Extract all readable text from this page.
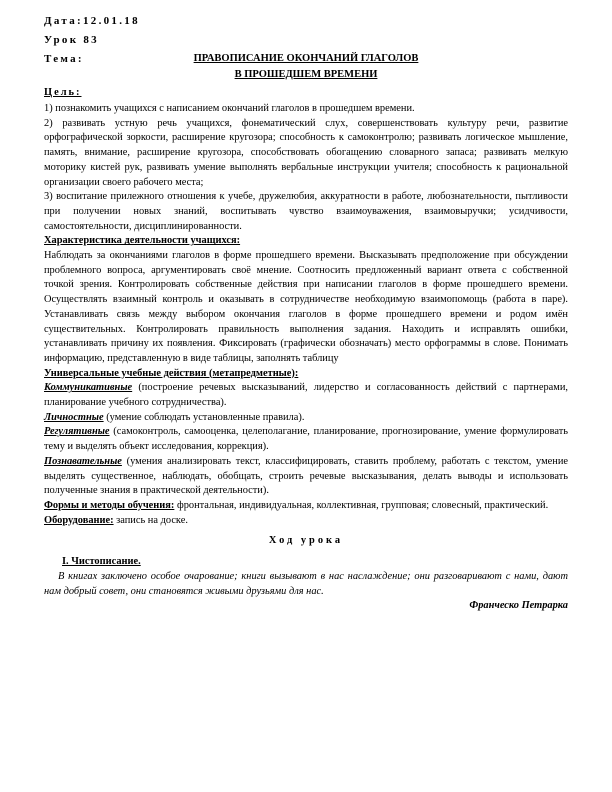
Дата:12.01.18
Урок 83
Тема:	ПРАВОПИСАНИЕ ОКОНЧАНИЙ ГЛАГОЛОВ
В ПРОШЕДШЕМ ВРЕМЕНИ

Цель:

1) познакомить учащихся с написанием окончаний глаголов в прошедшем времени.

2) развивать устную речь учащихся, фонематический слух, совершенствовать культуру речи, развитие орфографической зоркости, расширение кругозора; способность к самоконтролю; развивать логическое мышление, память, внимание, расширение кругозора, способствовать обогащению словарного запаса; развивать мелкую моторику кистей рук, развивать умение выполнять вербальные инструкции учителя; способность к рациональной организации своего рабочего места;

3) воспитание прилежного отношения к учебе, дружелюбия, аккуратности в работе, любознательности, пытливости при получении новых знаний, воспитывать чувство взаимоуважения, взаимовыручки; усидчивости, самостоятельности, дисциплинированности.

Характеристика деятельности учащихся:

Наблюдать за окончаниями глаголов в форме прошедшего времени. Высказывать предположение при обсуждении проблемного вопроса, аргументировать своё мнение. Соотносить предложенный вариант ответа с собственной точкой зрения. Контролировать собственные действия при написании глаголов в форме прошедшего времени. Осуществлять взаимный контроль и оказывать в сотрудничестве необходимую взаимопомощь (работа в паре). Устанавливать связь между выбором окончания глаголов в форме прошедшего времени и родом имён существительных. Контролировать правильность выполнения задания. Находить и исправлять ошибки, устанавливать причину их появления. Фиксировать (графически обозначать) место орфограммы в слове. Понимать информацию, представленную в виде таблицы, заполнять таблицу

Универсальные учебные действия (метапредметные):

Коммуникативные (построение речевых высказываний, лидерство и согласованность действий с партнерами, планирование учебного сотрудничества).

Личностные (умение соблюдать установленные правила).

Регулятивные (самоконтроль, самооценка, целеполагание, планирование, прогнозирование, умение формулировать тему и выделять объект исследования, коррекция).

Познавательные (умения анализировать текст, классифицировать, ставить проблему, работать с текстом, умение выделять существенное, наблюдать, обобщать, строить речевые высказывания, делать выводы и использовать полученные знания в практической деятельности).

Формы и методы обучения: фронтальная, индивидуальная, коллективная, групповая; словесный, практический.

Оборудование: запись на доске.

Ход урока

I. Чистописание.

В книгах заключено особое очарование; книги вызывают в нас наслаждение; они разговаривают с нами, дают нам добрый совет, они становятся живыми друзьями для нас.

Франческо Петрарка
